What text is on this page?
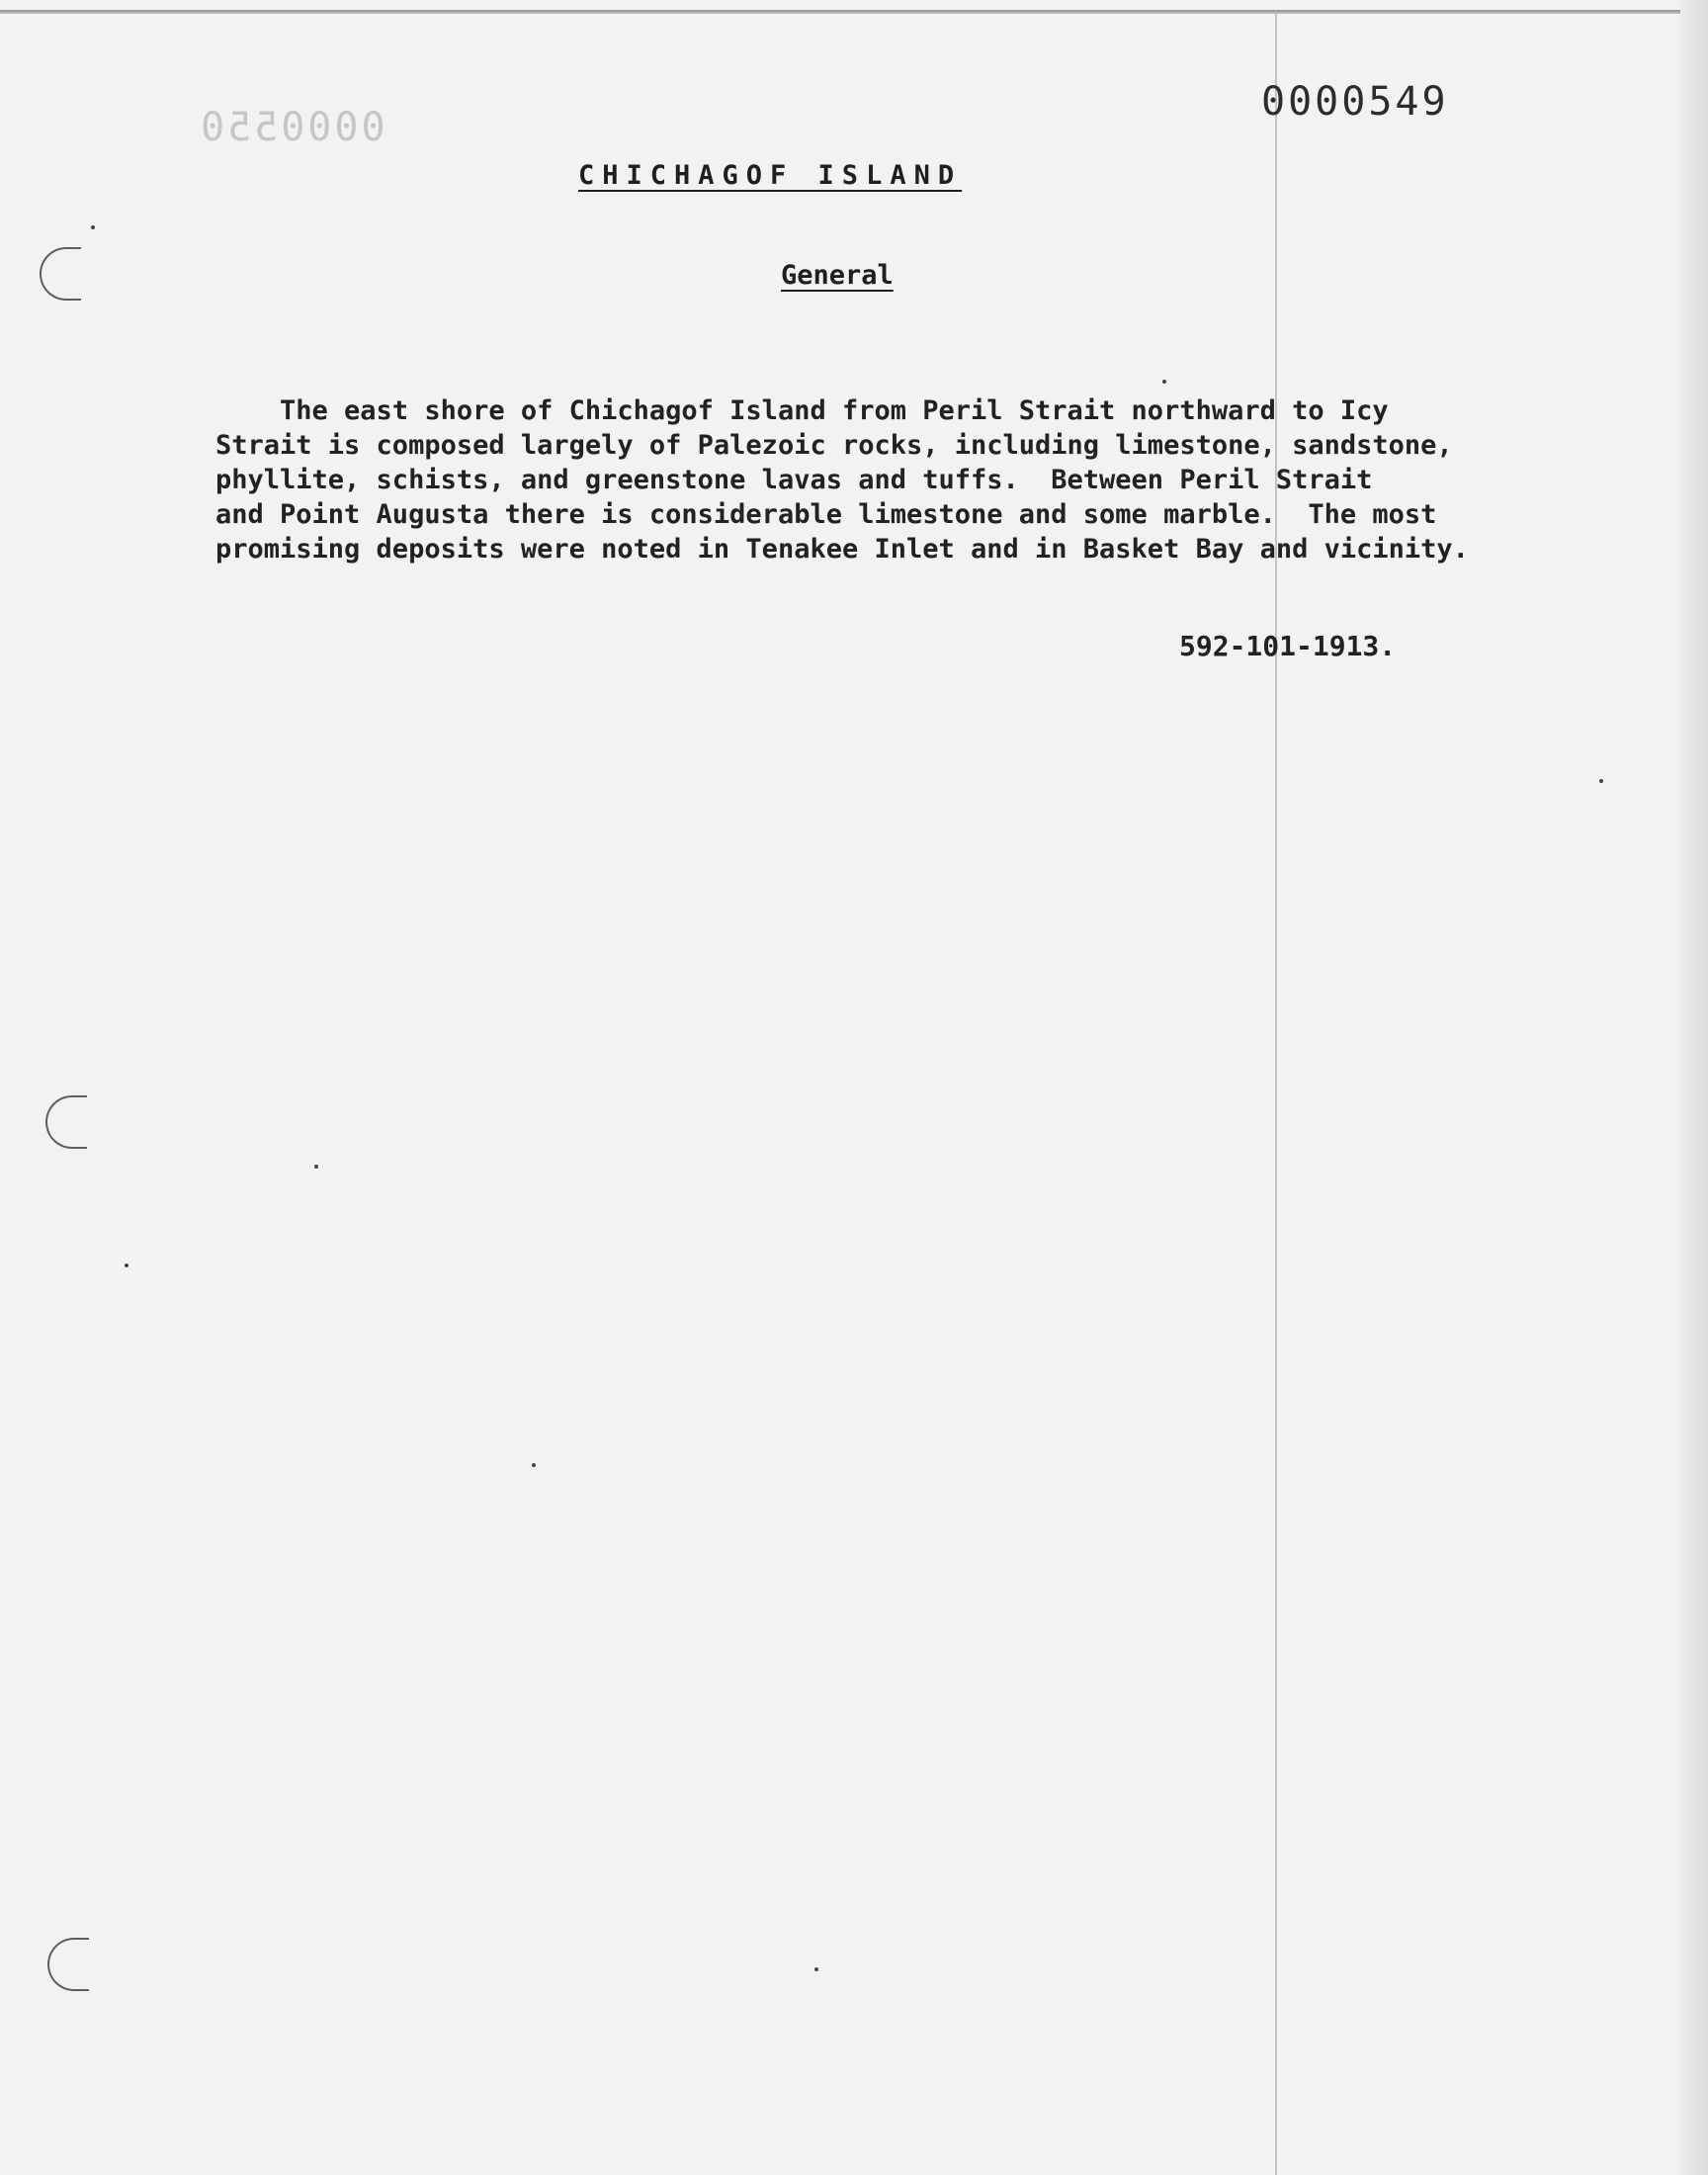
0000550
0000549
CHICHAGOF ISLAND
General
The east shore of Chichagof Island from Peril Strait northward to Icy
Strait is composed largely of Palezoic rocks, including limestone, sandstone,
phyllite, schists, and greenstone lavas and tuffs.  Between Peril Strait
and Point Augusta there is considerable limestone and some marble.  The most
promising deposits were noted in Tenakee Inlet and in Basket Bay and vicinity.
592-101-1913.
